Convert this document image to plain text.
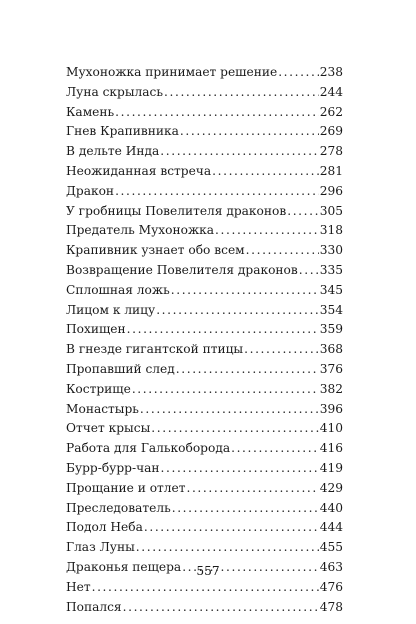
Мухоножка принимает решение .....	238
Луна скрылась .....	244
Камень .....	262
Гнев Крапивника .....	269
В дельте Инда .....	278
Неожиданная встреча .....	281
Дракон .....	296
У гробницы Повелителя драконов .....	305
Предатель Мухоножка .....	318
Крапивник узнает обо всем .....	330
Возвращение Повелителя драконов ..... 335
Сплошная ложь .....	345
Лицом к лицу .....	354
Похищен .....	359
В гнезде гигантской птицы .....	368
Пропавший след .....	376
Кострище .....	382
Монастырь .....	396
Отчет крысы .....	410
Работа для Галькоборода .....	416
Бурр-бурр-чан .....	419
Прощание и отлет .....	429
Преследователь .....	440
Подол Неба .....	444
Глаз Луны .....	455
Драконья пещера .....	463
Нет .....	476
Попался .....	478
557
